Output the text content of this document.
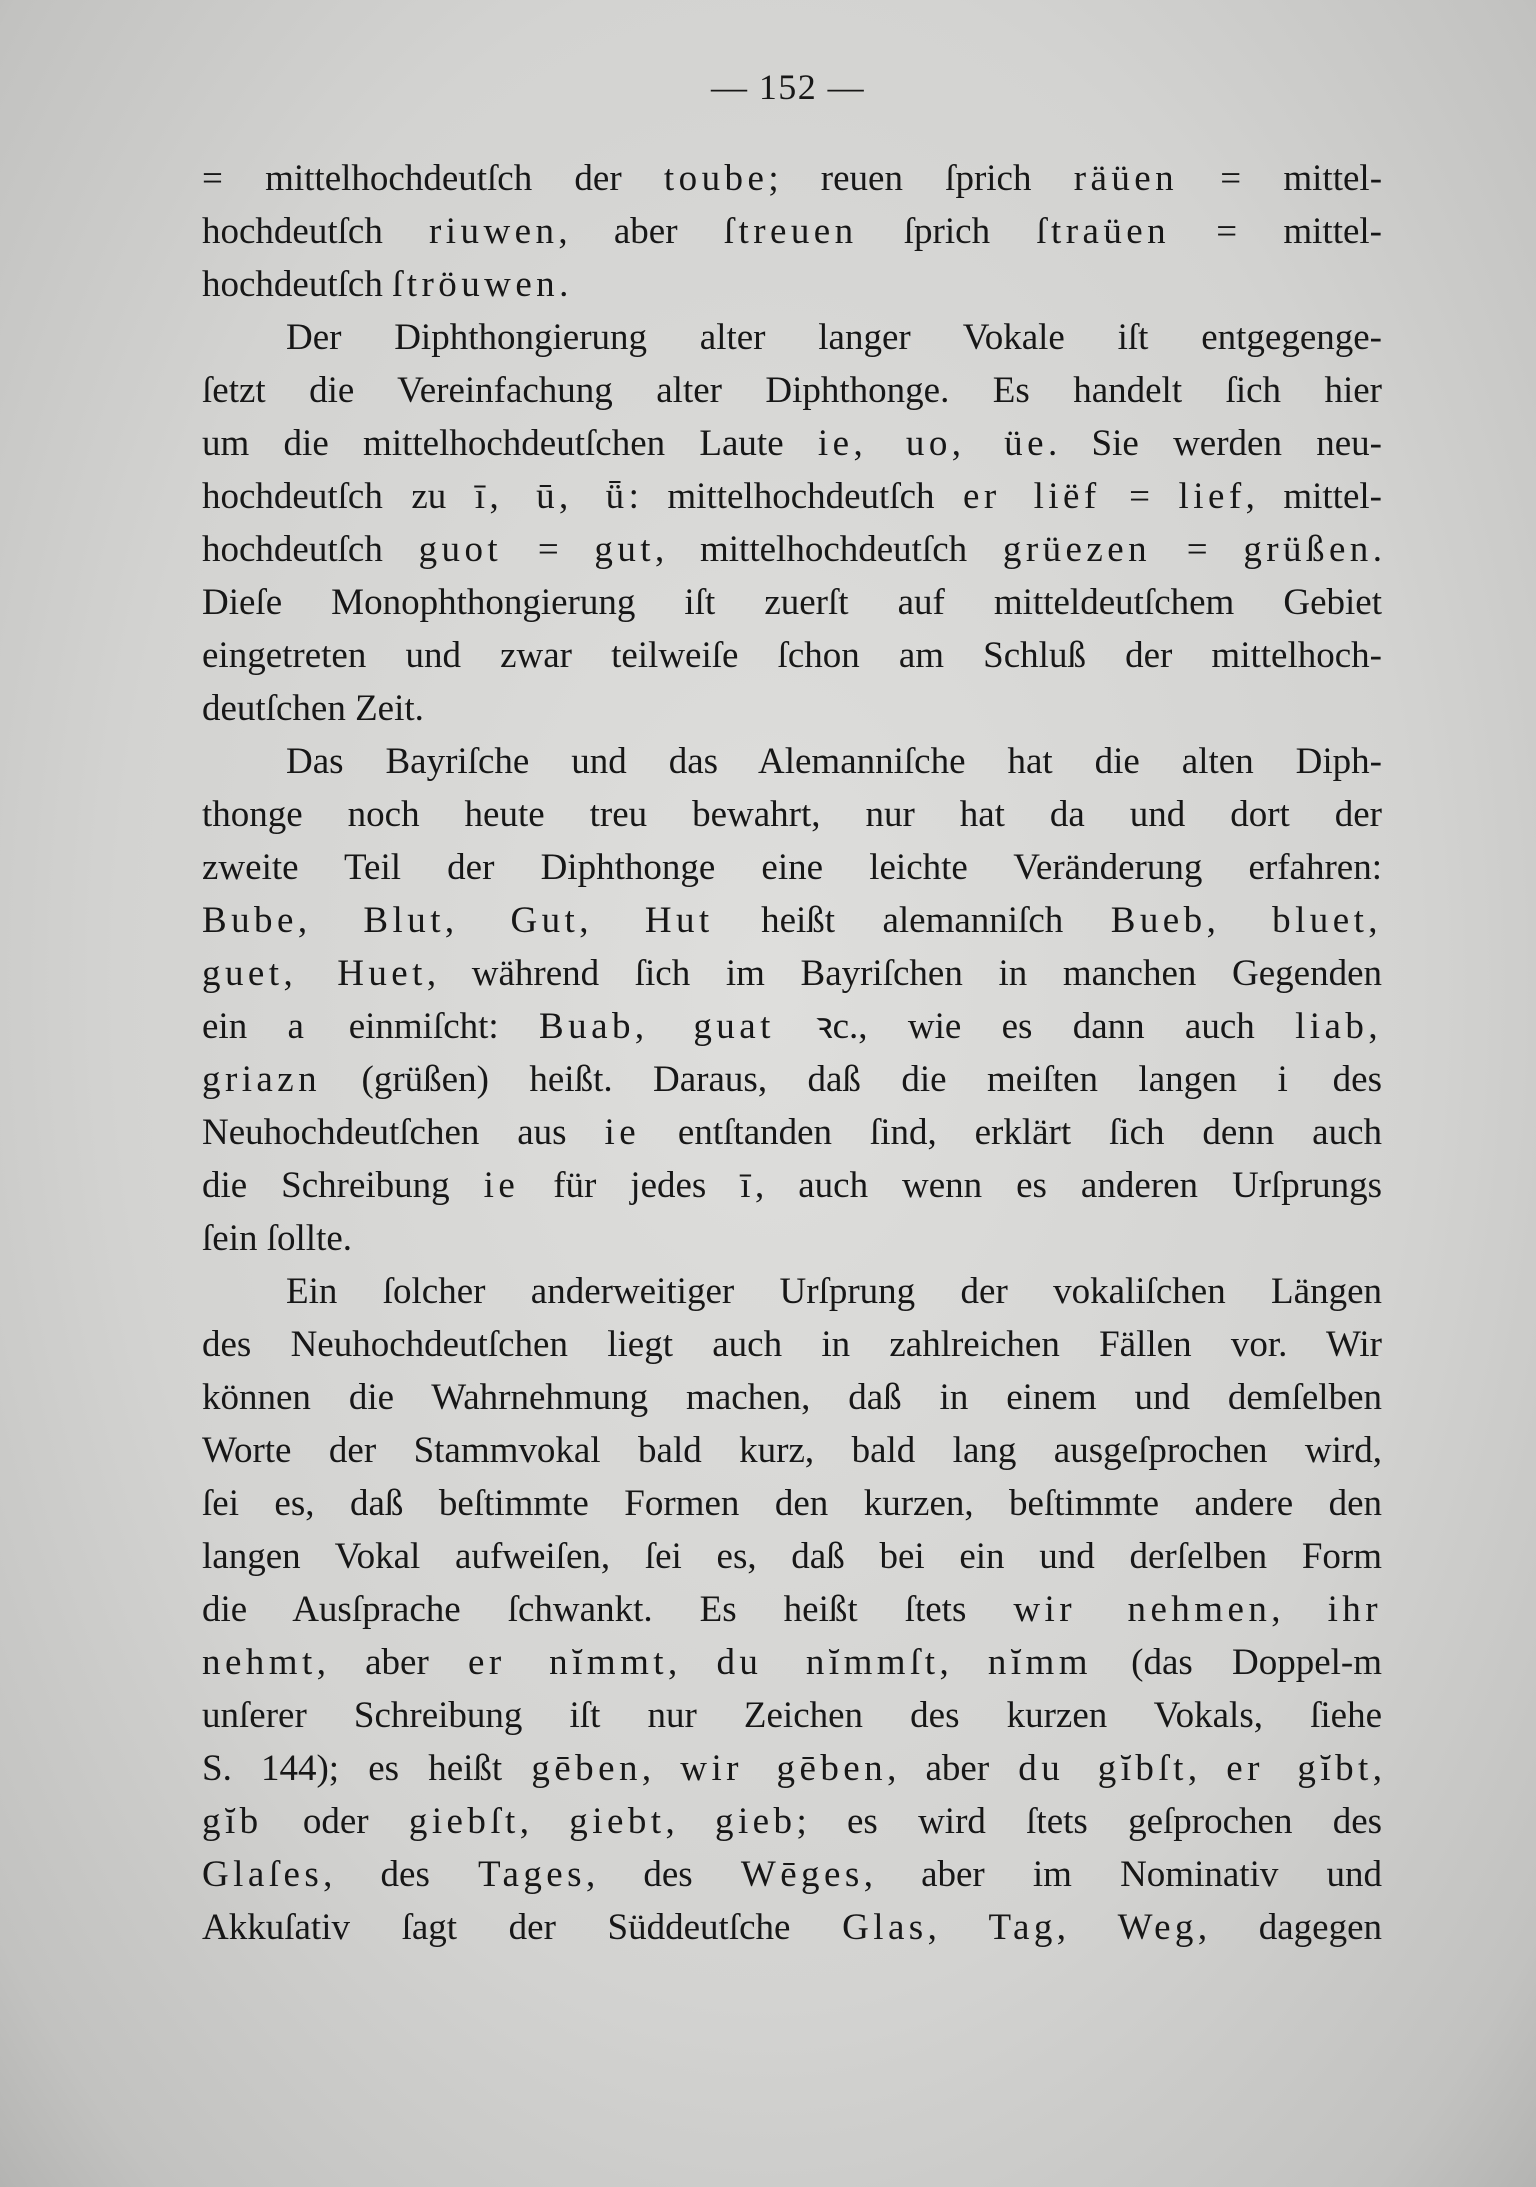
— 152 —
= mittelhochdeutſch der toube; reuen ſprich räüen = mittel-
hochdeutſch riuwen, aber ſtreuen ſprich ſtraüen = mittel-
hochdeutſch ſtröuwen.
Der Diphthongierung alter langer Vokale iſt entgegenge-
ſetzt die Vereinfachung alter Diphthonge. Es handelt ſich hier
um die mittelhochdeutſchen Laute ie, uo, üe. Sie werden neu-
hochdeutſch zu ī, ū, ǖ: mittelhochdeutſch er liëf = lief, mittel-
hochdeutſch guot = gut, mittelhochdeutſch grüezen = grüßen.
Dieſe Monophthongierung iſt zuerſt auf mitteldeutſchem Gebiet
eingetreten und zwar teilweiſe ſchon am Schluß der mittelhoch-
deutſchen Zeit.
Das Bayriſche und das Alemanniſche hat die alten Diph-
thonge noch heute treu bewahrt, nur hat da und dort der
zweite Teil der Diphthonge eine leichte Veränderung erfahren:
Bube, Blut, Gut, Hut heißt alemanniſch Bueb, bluet,
guet, Huet, während ſich im Bayriſchen in manchen Gegenden
ein a einmiſcht: Buab, guat ꝛc., wie es dann auch liab,
griazn (grüßen) heißt. Daraus, daß die meiſten langen i des
Neuhochdeutſchen aus ie entſtanden ſind, erklärt ſich denn auch
die Schreibung ie für jedes ī, auch wenn es anderen Urſprungs
ſein ſollte.
Ein ſolcher anderweitiger Urſprung der vokaliſchen Längen
des Neuhochdeutſchen liegt auch in zahlreichen Fällen vor. Wir
können die Wahrnehmung machen, daß in einem und demſelben
Worte der Stammvokal bald kurz, bald lang ausgeſprochen wird,
ſei es, daß beſtimmte Formen den kurzen, beſtimmte andere den
langen Vokal aufweiſen, ſei es, daß bei ein und derſelben Form
die Ausſprache ſchwankt. Es heißt ſtets wir nehmen, ihr
nehmt, aber er nĭmmt, du nĭmmſt, nĭmm (das Doppel-m
unſerer Schreibung iſt nur Zeichen des kurzen Vokals, ſiehe
S. 144); es heißt gēben, wir gēben, aber du gĭbſt, er gĭbt,
gĭb oder giebſt, giebt, gieb; es wird ſtets geſprochen des
Glaſes, des Tages, des Wēges, aber im Nominativ und
Akkuſativ ſagt der Süddeutſche Glas, Tag, Weg, dagegen
